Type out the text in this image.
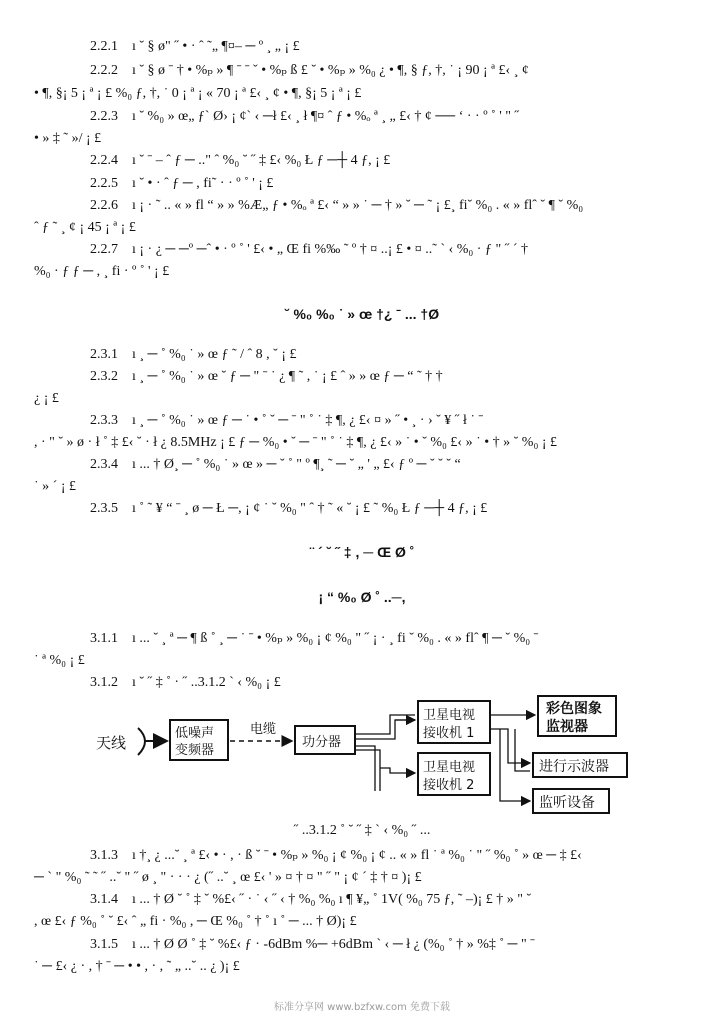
2.2.1 ı ˘ § ø" ˝ • · ˆ ˜„ ¶¤– ─ º ¸ „ ¡ £
2.2.2 ı ˘ § ø ˉ † • %ₚ » ¶ ˉ ˉ ˇ • %ₚ ß £ ˘ • %ₚ » %₀ ¿ • ¶, § ƒ, †, ˙ ¡ 90 ¡ ª £‹ ¸ ¢
• ¶, §¡ 5 ¡ ª ¡ £ %₀ ƒ, †, ˙ 0 ¡ ª ¡ « 70 ¡ ª £‹ ¸ ¢ • ¶, §¡ 5 ¡ ª ¡ £
2.2.3 ı ˘ %₀ » œ„ ƒ` Ø› ¡ ¢` ‹ ─ł £‹ ¸ ł ¶¤ ˆ ƒ • %ₒ ª ¸ „ £‹ † ¢ ── ‘ · · º ˚ ' " ˝
• » ‡ ˜ »/ ¡ £
2.2.4 ı ˘ ˉ – ˆ ƒ ─ .." ˆ %₀ ˘ ˝ ‡ £‹ %₀ Ł ƒ ─┼ 4 ƒ, ¡ £
2.2.5 ı ˘ • · ˆ ƒ ─ , fi˜ · · º ˚ ' ¡ £
2.2.6 ı ¡ · ˜ .. « » fl “ » » %Æ„ ƒ • %ₒ ª £‹ “ » » ˙ ─ † » ˘ ─ ˜ ¡ £¸ fi˘ %₀ . « » flˆ ˘ ¶ ˘ %₀
ˆ ƒ ˜ ¸ ¢ ¡ 45 ¡ ª ¡ £
2.2.7 ı ¡ · ¿ ─ ─º ─ˆ • · º ˚ ' £‹ • „ Œ fi %‰ ˜ º † ¤ ..¡ £ • ¤ ..˜ ` ‹ %₀ · ƒ " ˝ ´ †
%₀ · ƒ ƒ ─ , ¸ fi · º ˚ ' ¡ £
˘ %₀ %₀ ˙ » œ †¿ ˉ ... †Ø
2.3.1 ı ¸ ─ ˚ %₀ ˙ » œ ƒ ˜ / ˆ 8 , ˘ ¡ £
2.3.2 ı ¸ ─ ˚ %₀ ˙ » œ ˘ ƒ ─ " ˉ ˙ ¿ ¶ ˜ , ˙ ¡ £ ˆ » » œ ƒ ─ “ ˜ † †
¿ ¡ £
2.3.3 ı ¸ ─ ˚ %₀ ˙ » œ ƒ ─ ˙ • ˚ ˘ ─ ˉ " ˚ ˙ ‡ ¶, ¿ £‹ ¤ » ˝ • ¸ · › ˘ ¥ ˝ ł ˙ ˉ
, · " ˘ » ø · ł ˚ ‡ £‹ ˘ · ł ¿ 8.5MHz ¡ £ ƒ ─ %₀ • ˘ ─ ˉ " ˚ ˙ ‡ ¶, ¿ £‹ » ˙ • ˘ %₀ £‹ » ˙ • † » ˘ %₀ ¡ £
2.3.4 ı ... † Ø¸ ─ ˚ %₀ ˙ » œ » ─ ˘ ˚ " º ¶¸ ˜ ─ ˘ „ ' „ £‹ ƒ º ─ ˘ ˘ ˘ “
˙ » ´ ¡ £
2.3.5 ı ˚ ˜ ¥ “ ˉ ¸ ø ─ Ł ─, ¡ ¢ ˙ ˘ %₀ " ˆ † ˜ « ˘ ¡ £ ˜ %₀ Ł ƒ ─┼ 4 ƒ, ¡ £
¨ ´ ˘ ˝ ‡ , ─ Œ Ø ˚
¡ “ %₀ Ø ˚ ..─,
3.1.1 ı ... ˘ ¸ ª ─ ¶ ß ˚ ¸ ─ ˙ ˉ • %ₚ » %₀ ¡ ¢ %₀ " ˝ ¡ · ¸ fi ˘ %₀ . « » flˆ ¶ ─ ˘ %₀ ˉ
˙ ª %₀ ¡ £
3.1.2 ı ˘ ˝ ‡ ˚ · ˝ ..3.1.2 ` ‹ %₀ ¡ £
天线
低噪声
变频器
电缆
功分器
卫星电视
接收机 1
卫星电视
接收机 2
彩色图象
监视器
进行示波器
监听设备
˝ ..3.1.2 ˚ ˘ ˝ ‡ ` ‹ %₀ ˝ ...
3.1.3 ı †¸ ¿ ...˘ ¸ ª £‹ • · , · ß ˘ ˉ • %ₚ » %₀ ¡ ¢ %₀ ¡ ¢ .. « » fl ˙ ª %₀ ˙ " ˝ %₀ ˚ » œ ─ ‡ £‹
─ ` " %₀ ˜ ˜ ˝ ..˘ " ˝ ø ¸ " · · · ¿ (˝ ..˘ ¸ œ £‹ ' » ¤ † ¤ " ˝ " ¡ ¢ ´ ‡ † ¤ )¡ £
3.1.4 ı ... † Ø ˘ ˚ ‡ ˘ %£‹ ˝ · ˙ ‹ ˝ ‹ † %₀ %₀ ı ¶ ¥„ ˚ 1V( %₀ 75 ƒ, ˜ –)¡ £ † » " ˘
, œ £‹ ƒ %₀ ˚ ˘ £‹ ˆ „ fi · %₀ , ─ Œ %₀ ˚ † ˚ ı ˚ ─ ... † Ø)¡ £
3.1.5 ı ... † Ø Ø ˚ ‡ ˘ %£‹ ƒ · -6dBm %─ +6dBm ` ‹ ─ ł ¿ (%₀ ˚ † » %‡ ˚ ─ " ˉ
˙ ─ £‹ ¿ · , † ˉ ─ • • , · , ˜ „ ..˘ .. ¿ )¡ £
标准分享网 www.bzfxw.com 免费下载
